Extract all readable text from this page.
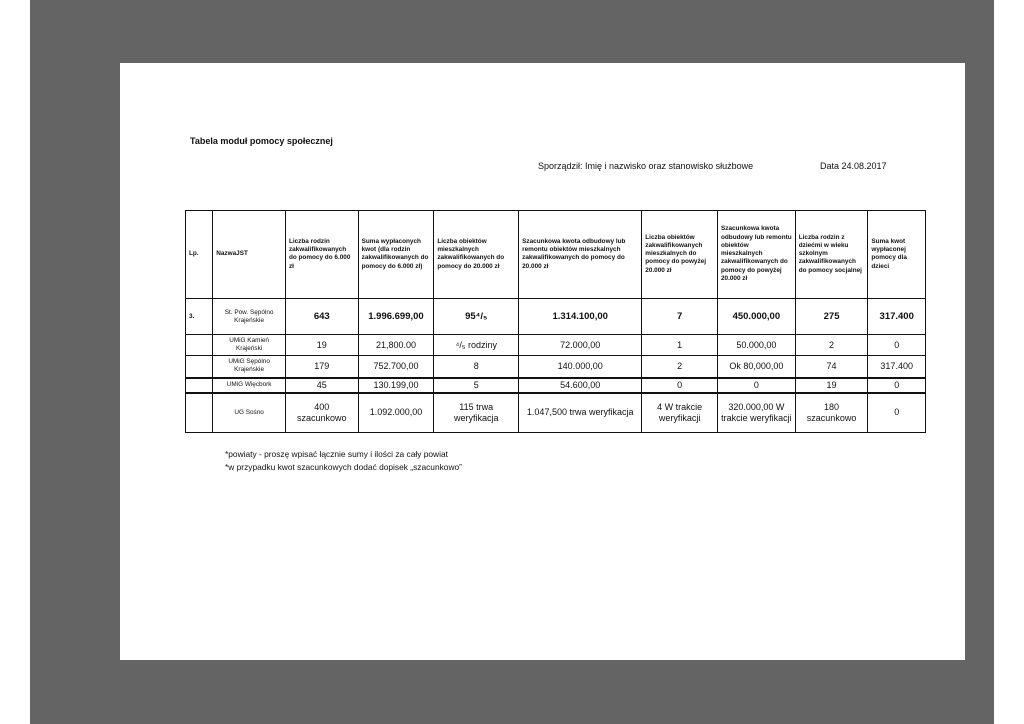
Tabela moduł pomocy społecznej
Sporządził: Imię i nazwisko oraz stanowisko służbowe	Data 24.08.2017
Lp.	NazwaJST	Liczba rodzin zakwalifikowanych do pomocy do 6.000 zł	Suma wypłaconych kwot (dla rodzin zakwalifikowanych do pomocy do 6.000 zł)	Liczba obiektów mieszkalnych zakwalifikowanych do pomocy do 20.000 zł	Szacunkowa kwota odbudowy lub remontu obiektów mieszkalnych zakwalifikowanych do pomocy do 20.000 zł	Liczba obiektów zakwalifikowanych mieszkalnych do pomocy do powyżej 20.000 zł	Szacunkowa kwota odbudowy lub remontu obiektów mieszkalnych zakwalifikowanych do pomocy do powyżej 20.000 zł	Liczba rodzin z dziećmi w wieku szkolnym zakwalifikowanych do pomocy socjalnej	Suma kwot wypłaconej pomocy dla dzieci
3.	St. Pow. Sępólno Krajeńskie	643	1.996.699,00	95⁴/₅	1.314.100,00	7	450.000,00	275	317.400
	UMiG Kamień Krajeński	19	21,800.00	⁴/₅ rodziny	72.000,00	1	50.000,00	2	0
	UMiG Sępólno Krajeńskie	179	752.700,00	8	140.000,00	2	Ok 80,000,00	74	317.400
	UMiG Więcbork	45	130.199,00	5	54.600,00	0	0	19	0
	UG Sośno	400 szacunkowo	1.092.000,00	115 trwa weryfikacja	1.047,500 trwa weryfikacja	4 W trakcie weryfikacji	320.000,00 W trakcie weryfikacji	180 szacunkowo	0
*powiaty - proszę wpisać łącznie sumy i ilości za cały powiat
*w przypadku kwot szacunkowych dodać dopisek „szacunkowo”
